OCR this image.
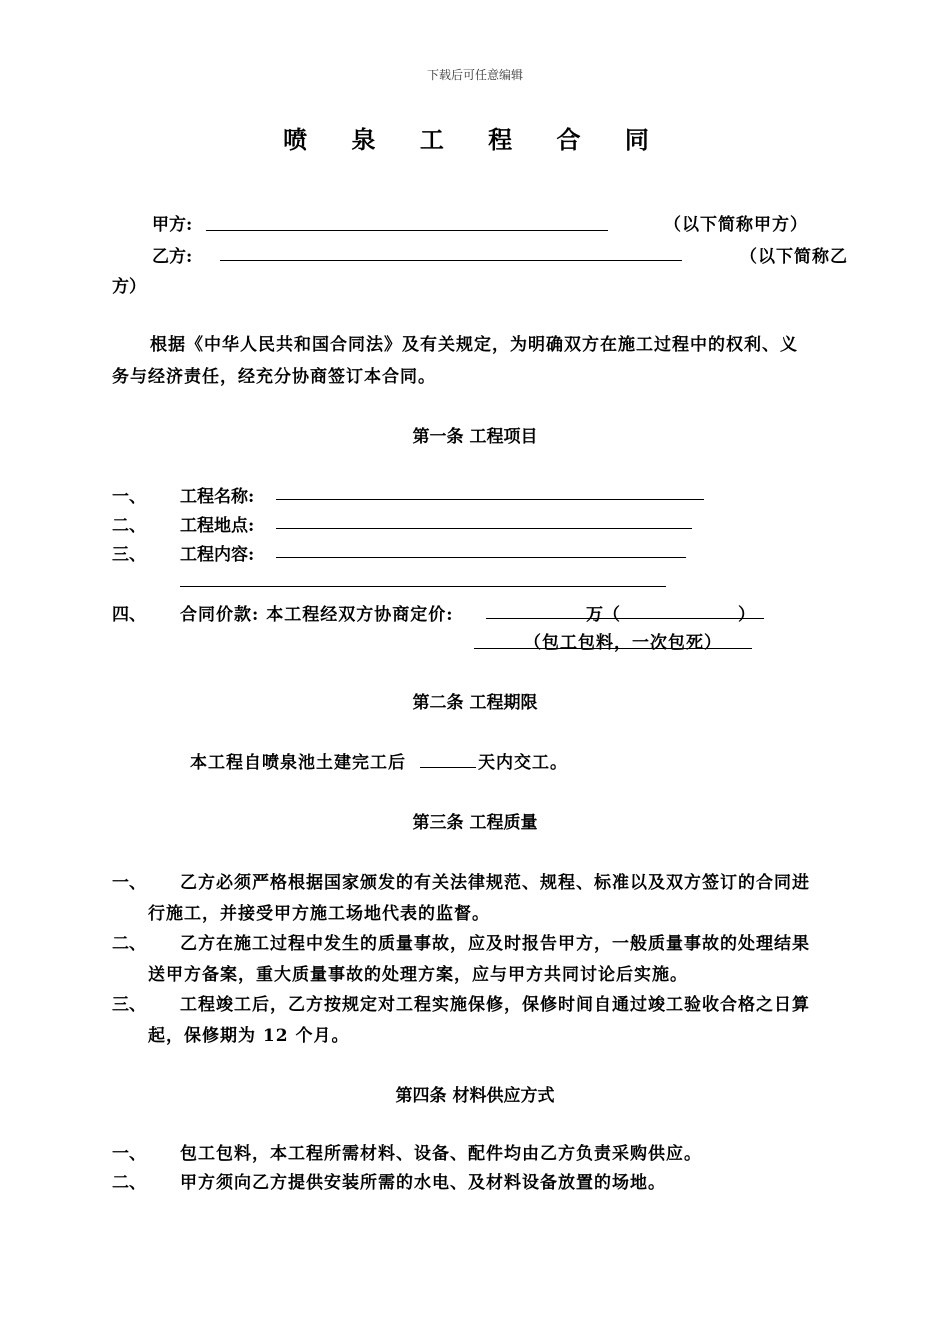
下载后可任意编辑
喷 泉 工 程 合 同
甲方:	（以下简称甲方）
乙方:	（以下简称乙
方）
根据《中华人民共和国合同法》及有关规定，为明确双方在施工过程中的权利、义
务与经济责任，经充分协商签订本合同。
第一条 工程项目
一、 工程名称:
二、 工程地点:
三、 工程内容:
四、 合同价款: 本工程经双方协商定价:	万（	）
（包工包料，一次包死）
第二条 工程期限
本工程自喷泉池土建完工后	天内交工。
第三条 工程质量
一、 乙方必须严格根据国家颁发的有关法律规范、规程、标准以及双方签订的合同进
行施工，并接受甲方施工场地代表的监督。
二、 乙方在施工过程中发生的质量事故，应及时报告甲方，一般质量事故的处理结果
送甲方备案，重大质量事故的处理方案，应与甲方共同讨论后实施。
三、 工程竣工后，乙方按规定对工程实施保修，保修时间自通过竣工验收合格之日算
起，保修期为 12 个月。
第四条 材料供应方式
一、 包工包料，本工程所需材料、设备、配件均由乙方负责采购供应。
二、 甲方须向乙方提供安装所需的水电、及材料设备放置的场地。
